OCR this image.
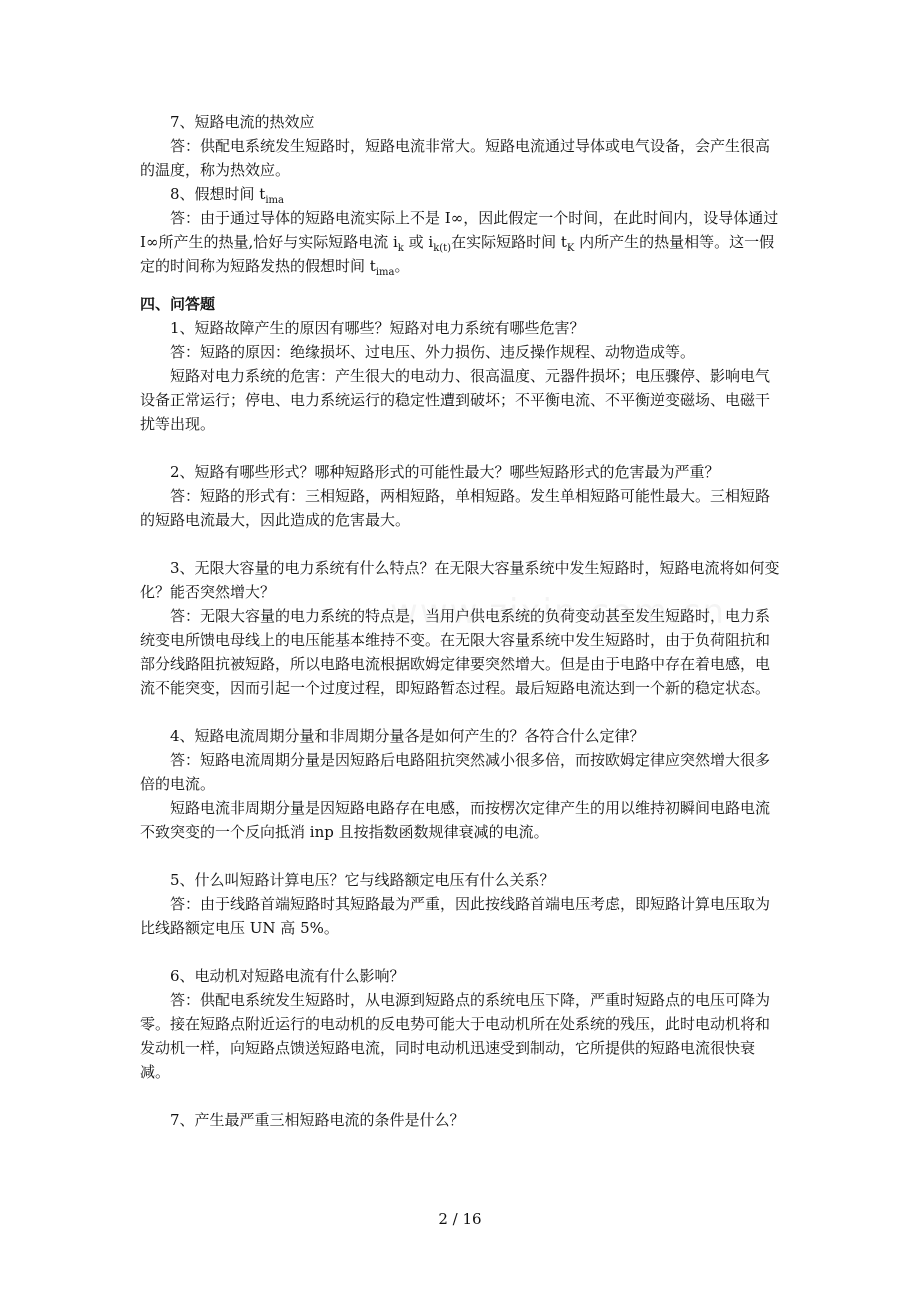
7、短路电流的热效应

答：供配电系统发生短路时，短路电流非常大。短路电流通过导体或电气设备，会产生很高的温度，称为热效应。

8、假想时间 $t_{ima}$

答：由于通过导体的短路电流实际上不是 I∞，因此假定一个时间，在此时间内，设导体通过 I∞所产生的热量,恰好与实际短路电流 $i_k$ 或 $i_{k(t)}$在实际短路时间 $t_K$ 内所产生的热量相等。这一假定的时间称为短路发热的假想时间 $t_{ima}$。

四、问答题

1、短路故障产生的原因有哪些？短路对电力系统有哪些危害？

答：短路的原因：绝缘损坏、过电压、外力损伤、违反操作规程、动物造成等。

短路对电力系统的危害：产生很大的电动力、很高温度、元器件损坏；电压骤停、影响电气设备正常运行；停电、电力系统运行的稳定性遭到破坏；不平衡电流、不平衡逆变磁场、电磁干扰等出现。

2、短路有哪些形式？哪种短路形式的可能性最大？哪些短路形式的危害最为严重？

答：短路的形式有：三相短路，两相短路，单相短路。发生单相短路可能性最大。三相短路的短路电流最大，因此造成的危害最大。

3、无限大容量的电力系统有什么特点？在无限大容量系统中发生短路时，短路电流将如何变化？能否突然增大？

答：无限大容量的电力系统的特点是，当用户供电系统的负荷变动甚至发生短路时，电力系统变电所馈电母线上的电压能基本维持不变。在无限大容量系统中发生短路时，由于负荷阻抗和部分线路阻抗被短路，所以电路电流根据欧姆定律要突然增大。但是由于电路中存在着电感，电流不能突变，因而引起一个过度过程，即短路暂态过程。最后短路电流达到一个新的稳定状态。

4、短路电流周期分量和非周期分量各是如何产生的？各符合什么定律？

答：短路电流周期分量是因短路后电路阻抗突然减小很多倍，而按欧姆定律应突然增大很多倍的电流。

短路电流非周期分量是因短路电路存在电感，而按楞次定律产生的用以维持初瞬间电路电流不致突变的一个反向抵消 inp 且按指数函数规律衰减的电流。

5、什么叫短路计算电压？它与线路额定电压有什么关系？

答：由于线路首端短路时其短路最为严重，因此按线路首端电压考虑，即短路计算电压取为比线路额定电压 UN 高 5%。

6、电动机对短路电流有什么影响？

答：供配电系统发生短路时，从电源到短路点的系统电压下降，严重时短路点的电压可降为零。接在短路点附近运行的电动机的反电势可能大于电动机所在处系统的残压，此时电动机将和发动机一样，向短路点馈送短路电流，同时电动机迅速受到制动，它所提供的短路电流很快衰减。

7、产生最严重三相短路电流的条件是什么？

2 / 16
